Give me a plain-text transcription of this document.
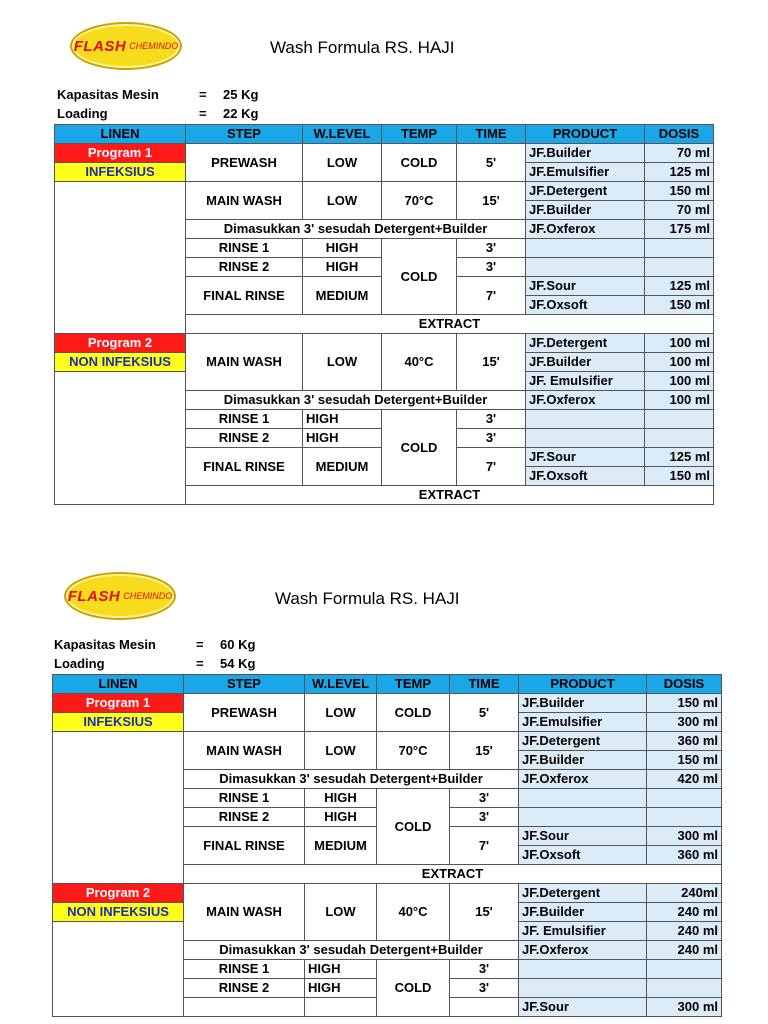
FLASH CHEMINDO	Wash Formula RS. HAJI
Kapasitas Mesin	= 25 Kg
Loading	= 22 Kg
LINEN	STEP	W.LEVEL	TEMP	TIME	PRODUCT	DOSIS
Program 1	PREWASH	LOW	COLD	5'	JF.Builder	70 ml
INFEKSIUS					JF.Emulsifier	125 ml
	MAIN WASH	LOW	70°C	15'	JF.Detergent	150 ml
					JF.Builder	70 ml
	Dimasukkan 3' sesudah Detergent+Builder				JF.Oxferox	175 ml
	RINSE 1	HIGH	COLD	3'		
	RINSE 2	HIGH		3'		
	FINAL RINSE	MEDIUM		7'	JF.Sour	125 ml
					JF.Oxsoft	150 ml
	EXTRACT					
Program 2	MAIN WASH	LOW	40°C	15'	JF.Detergent	100 ml
NON INFEKSIUS					JF.Builder	100 ml
					JF. Emulsifier	100 ml
	Dimasukkan 3' sesudah Detergent+Builder				JF.Oxferox	100 ml
	RINSE 1	HIGH	COLD	3'		
	RINSE 2	HIGH		3'		
	FINAL RINSE	MEDIUM		7'	JF.Sour	125 ml
					JF.Oxsoft	150 ml
	EXTRACT					
FLASH CHEMINDO	Wash Formula RS. HAJI
Kapasitas Mesin	= 60 Kg
Loading	= 54 Kg
LINEN	STEP	W.LEVEL	TEMP	TIME	PRODUCT	DOSIS
Program 1	PREWASH	LOW	COLD	5'	JF.Builder	150 ml
INFEKSIUS					JF.Emulsifier	300 ml
	MAIN WASH	LOW	70°C	15'	JF.Detergent	360 ml
					JF.Builder	150 ml
	Dimasukkan 3' sesudah Detergent+Builder				JF.Oxferox	420 ml
	RINSE 1	HIGH	COLD	3'		
	RINSE 2	HIGH		3'		
	FINAL RINSE	MEDIUM		7'	JF.Sour	300 ml
					JF.Oxsoft	360 ml
	EXTRACT					
Program 2	MAIN WASH	LOW	40°C	15'	JF.Detergent	240ml
NON INFEKSIUS					JF.Builder	240 ml
					JF. Emulsifier	240 ml
	Dimasukkan 3' sesudah Detergent+Builder				JF.Oxferox	240 ml
	RINSE 1	HIGH	COLD	3'		
	RINSE 2	HIGH		3'		
					JF.Sour	300 ml
